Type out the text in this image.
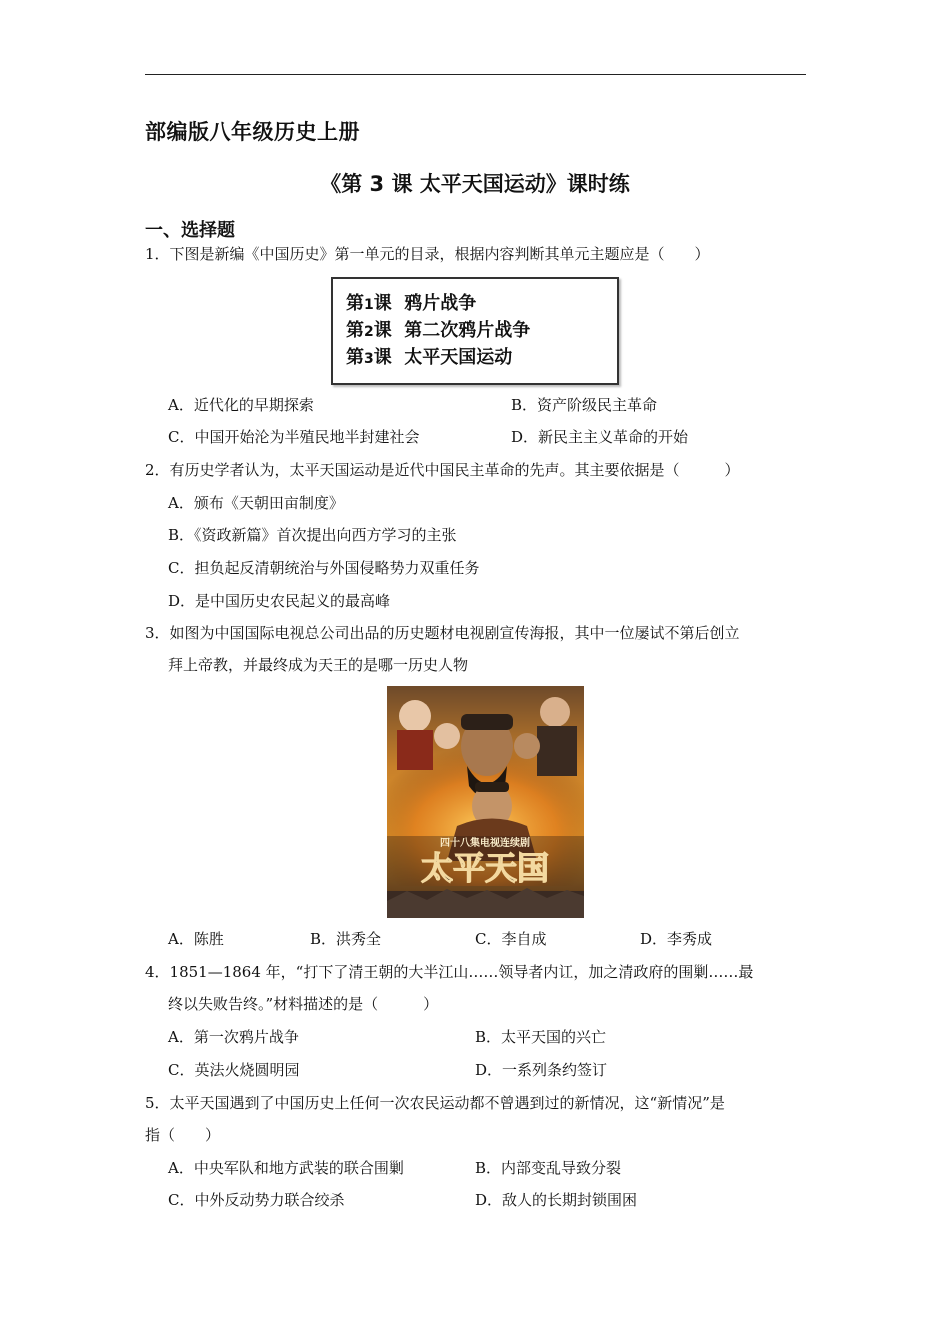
部编版八年级历史上册
《第 3 课 太平天国运动》课时练
一、选择题
1．下图是新编《中国历史》第一单元的目录，根据内容判断其单元主题应是（　　）
第1课 鸦片战争
第2课 第二次鸦片战争
第3课 太平天国运动
A．近代化的早期探索	B．资产阶级民主革命
C．中国开始沦为半殖民地半封建社会	D．新民主主义革命的开始
2．有历史学者认为，太平天国运动是近代中国民主革命的先声。其主要依据是（　　　）
A．颁布《天朝田亩制度》
B．《资政新篇》首次提出向西方学习的主张
C．担负起反清朝统治与外国侵略势力双重任务
D．是中国历史农民起义的最高峰
3．如图为中国国际电视总公司出品的历史题材电视剧宣传海报，其中一位屡试不第后创立
拜上帝教，并最终成为天王的是哪一历史人物
四十八集电视连续剧
太平天国
A．陈胜	B．洪秀全	C．李自成	D．李秀成
4．1851—1864 年，“打下了清王朝的大半江山……领导者内讧，加之清政府的围剿……最
终以失败告终。”材料描述的是（　　　）
A．第一次鸦片战争	B．太平天国的兴亡
C．英法火烧圆明园	D．一系列条约签订
5．太平天国遇到了中国历史上任何一次农民运动都不曾遇到过的新情况，这“新情况”是
指（　　）
A．中央军队和地方武装的联合围剿	B．内部变乱导致分裂
C．中外反动势力联合绞杀	D．敌人的长期封锁围困
